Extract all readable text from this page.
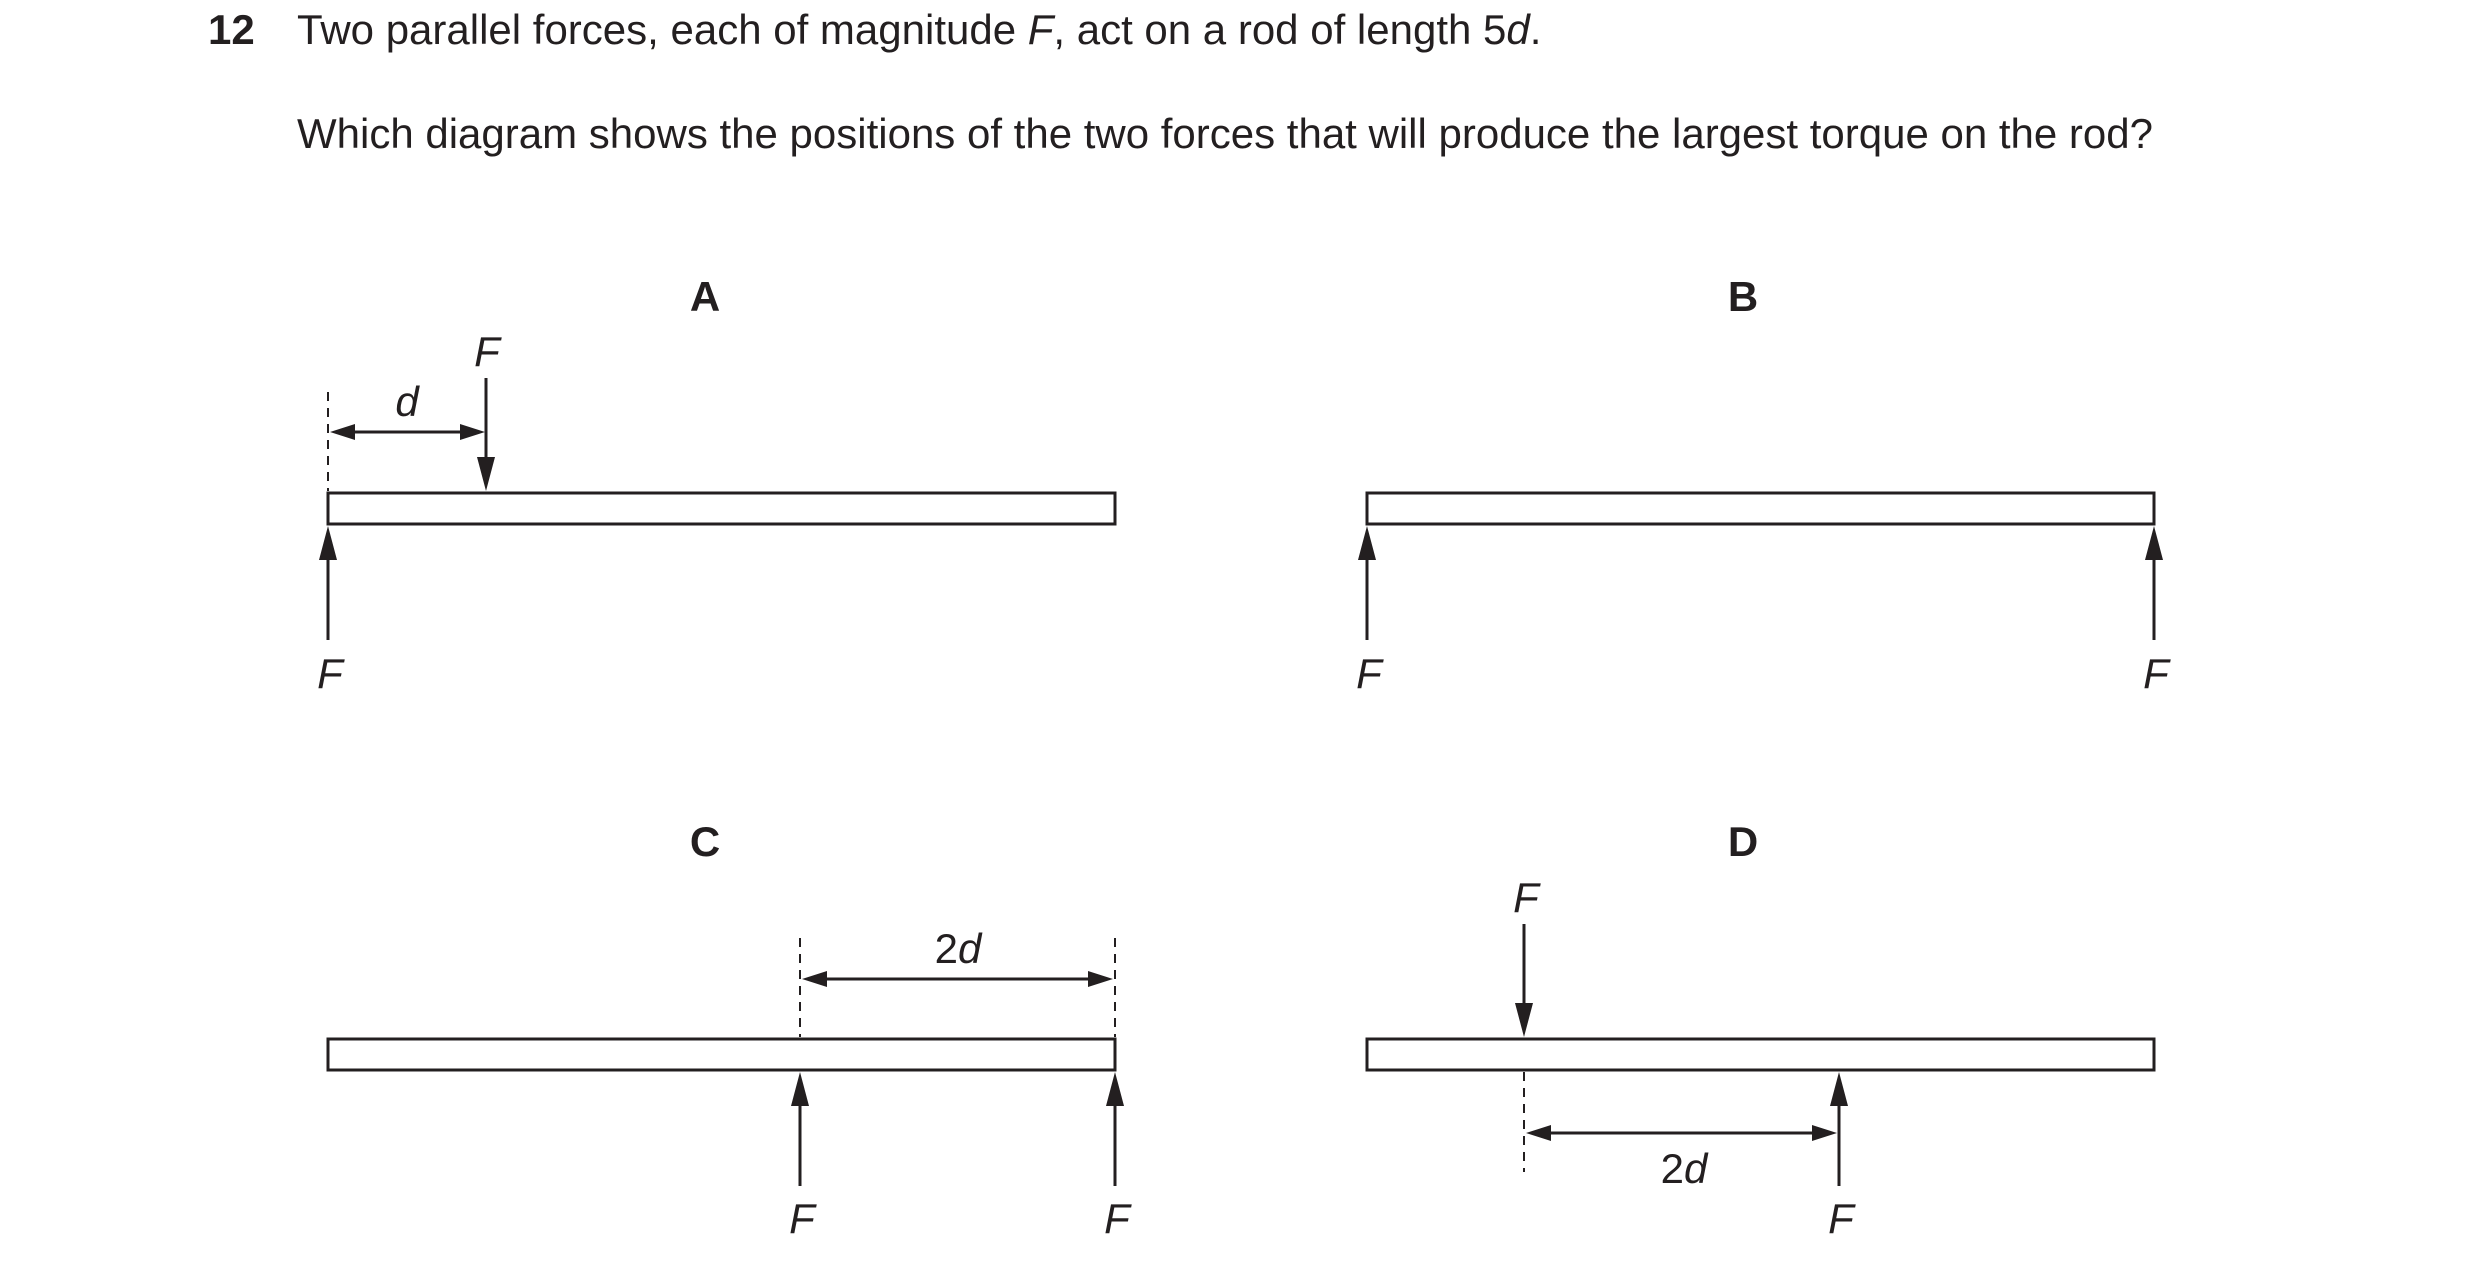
12 Two parallel forces, each of magnitude F, act on a rod of length 5d.
Which diagram shows the positions of the two forces that will produce the largest torque on the rod?
A
d
F
F
B
F	F
C
2d
F	F
D
F
2d
F
